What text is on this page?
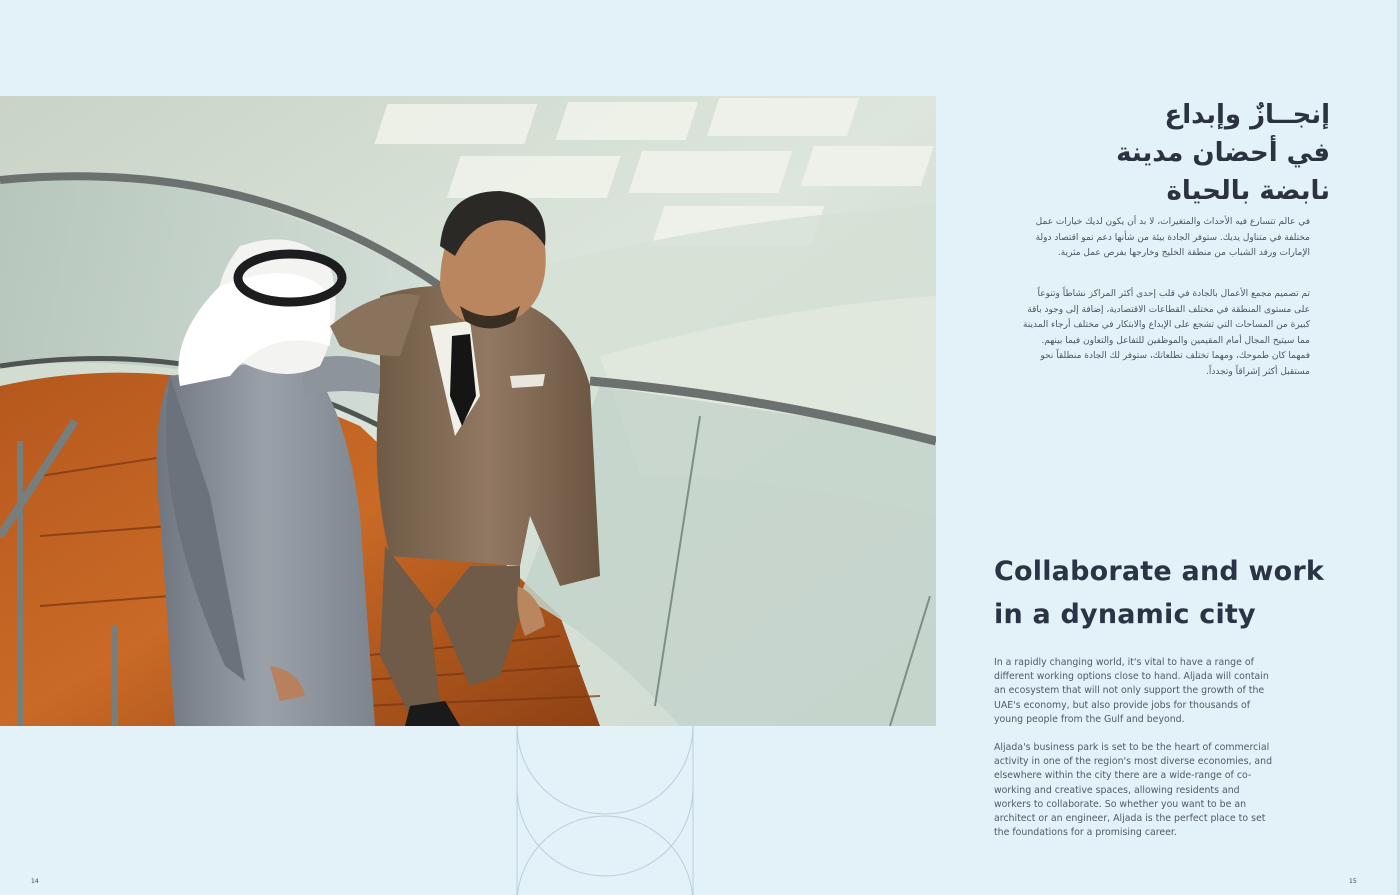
إنجــازٌ وإبداع
في أحضان مدينة
نابضة بالحياة

في عالم تتسارع فيه الأحداث والمتغيرات، لا بد أن يكون لديك خيارات عمل مختلفة في متناول يديك. ستوفر الجادة بيئة من شأنها دعم نمو اقتصاد دولة الإمارات ورفد الشباب من منطقة الخليج وخارجها بفرص عمل مثرية.

تم تصميم مجمع الأعمال بالجادة في قلب إحدى أكثر المراكز نشاطاً وتنوعاً على مستوى المنطقة في مختلف القطاعات الاقتصادية، إضافة إلى وجود باقة كبيرة من المساحات التي تشجع على الإبداع والابتكار في مختلف أرجاء المدينة مما سيتيح المجال أمام المقيمين والموظفين للتفاعل والتعاون فيما بينهم. فمهما كان طموحك، ومهما تختلف تطلعاتك، ستوفر لك الجادة منطلقاً نحو مستقبل أكثر إشراقاً وتجدداً.

Collaborate and work
in a dynamic city

In a rapidly changing world, it's vital to have a range of different working options close to hand. Aljada will contain an ecosystem that will not only support the growth of the UAE's economy, but also provide jobs for thousands of young people from the Gulf and beyond.

Aljada's business park is set to be the heart of commercial activity in one of the region's most diverse economies, and elsewhere within the city there are a wide-range of co-working and creative spaces, allowing residents and workers to collaborate. So whether you want to be an architect or an engineer, Aljada is the perfect place to set the foundations for a promising career.

14	15
